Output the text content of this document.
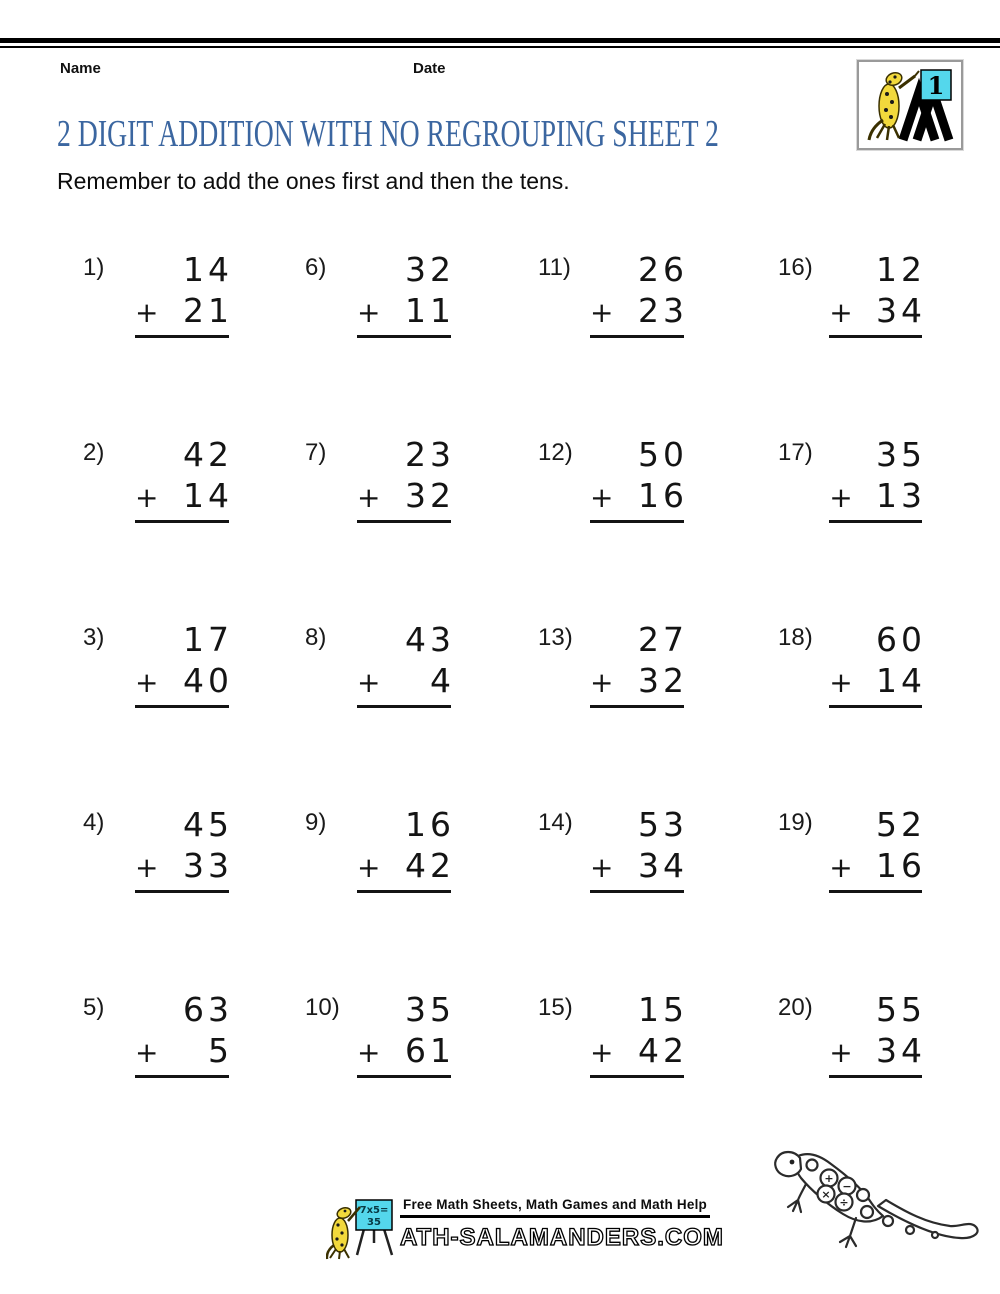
Name	Date
1
2 DIGIT ADDITION WITH NO REGROUPING SHEET 2
Remember to add the ones first and then the tens.
1)	14
+ 21
6)	32
+ 11
11)	26
+ 23
16)	12
+ 34
2)	42
+ 14
7)	23
+ 32
12)	50
+ 16
17)	35
+ 13
3)	17
+ 40
8)	43
+ 4
13)	27
+ 32
18)	60
+ 14
4)	45
+ 33
9)	16
+ 42
14)	53
+ 34
19)	52
+ 16
5)	63
+ 5
10)	35
+ 61
15)	15
+ 42
20)	55
+ 34
7x5=
35
Free Math Sheets, Math Games and Math Help
ATH-SALAMANDERS.COM
+
−
×
÷
